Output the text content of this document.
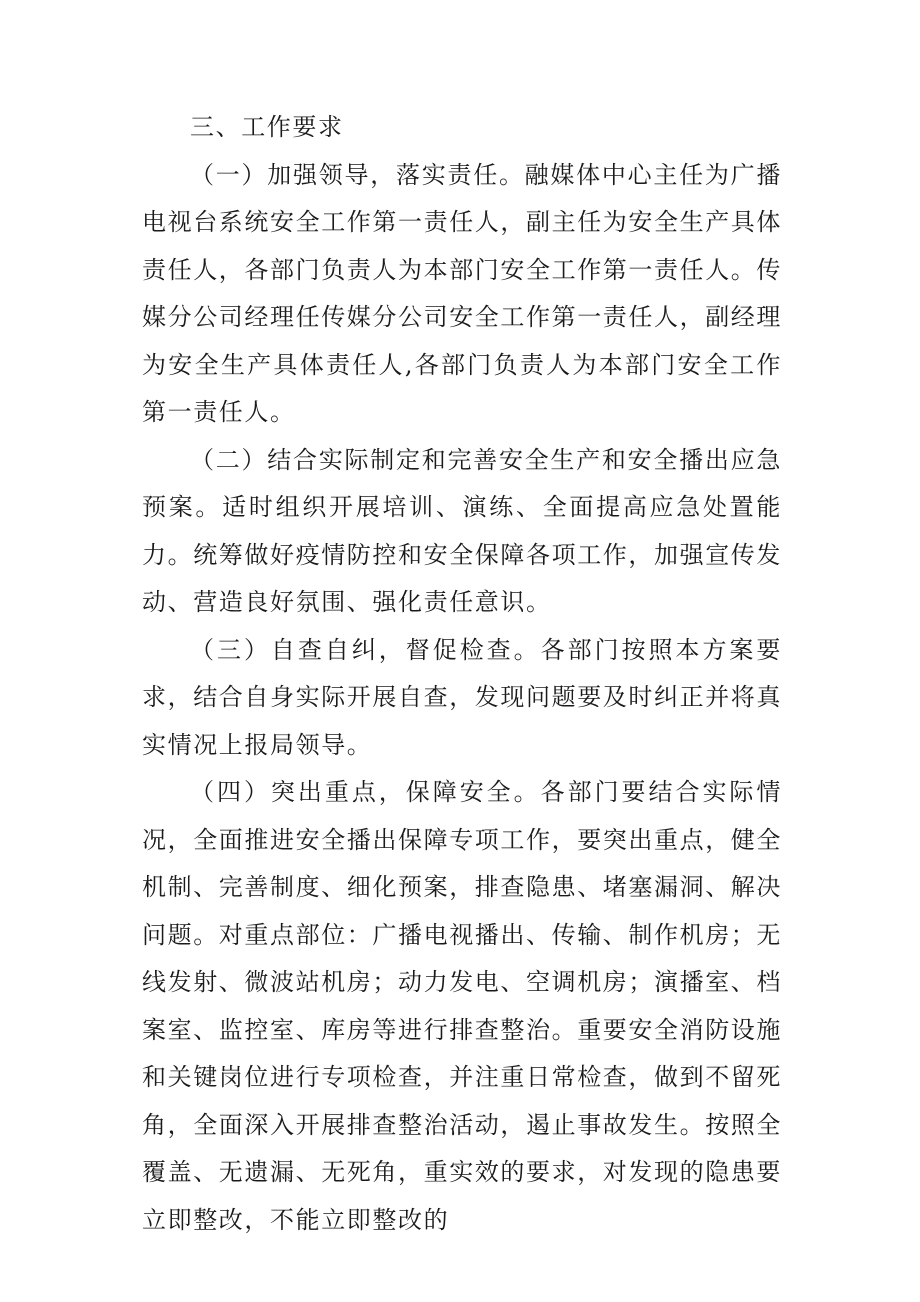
三、工作要求

（一）加强领导，落实责任。融媒体中心主任为广播电视台系统安全工作第一责任人，副主任为安全生产具体责任人，各部门负责人为本部门安全工作第一责任人。传媒分公司经理任传媒分公司安全工作第一责任人，副经理为安全生产具体责任人,各部门负责人为本部门安全工作第一责任人。

（二）结合实际制定和完善安全生产和安全播出应急预案。适时组织开展培训、演练、全面提高应急处置能力。统筹做好疫情防控和安全保障各项工作，加强宣传发动、营造良好氛围、强化责任意识。

（三）自查自纠，督促检查。各部门按照本方案要求，结合自身实际开展自查，发现问题要及时纠正并将真实情况上报局领导。

（四）突出重点，保障安全。各部门要结合实际情况，全面推进安全播出保障专项工作，要突出重点，健全机制、完善制度、细化预案，排查隐患、堵塞漏洞、解决问题。对重点部位：广播电视播出、传输、制作机房；无线发射、微波站机房；动力发电、空调机房；演播室、档案室、监控室、库房等进行排查整治。重要安全消防设施和关键岗位进行专项检查，并注重日常检查，做到不留死角，全面深入开展排查整治活动，遏止事故发生。按照全覆盖、无遗漏、无死角，重实效的要求，对发现的隐患要立即整改，不能立即整改的
